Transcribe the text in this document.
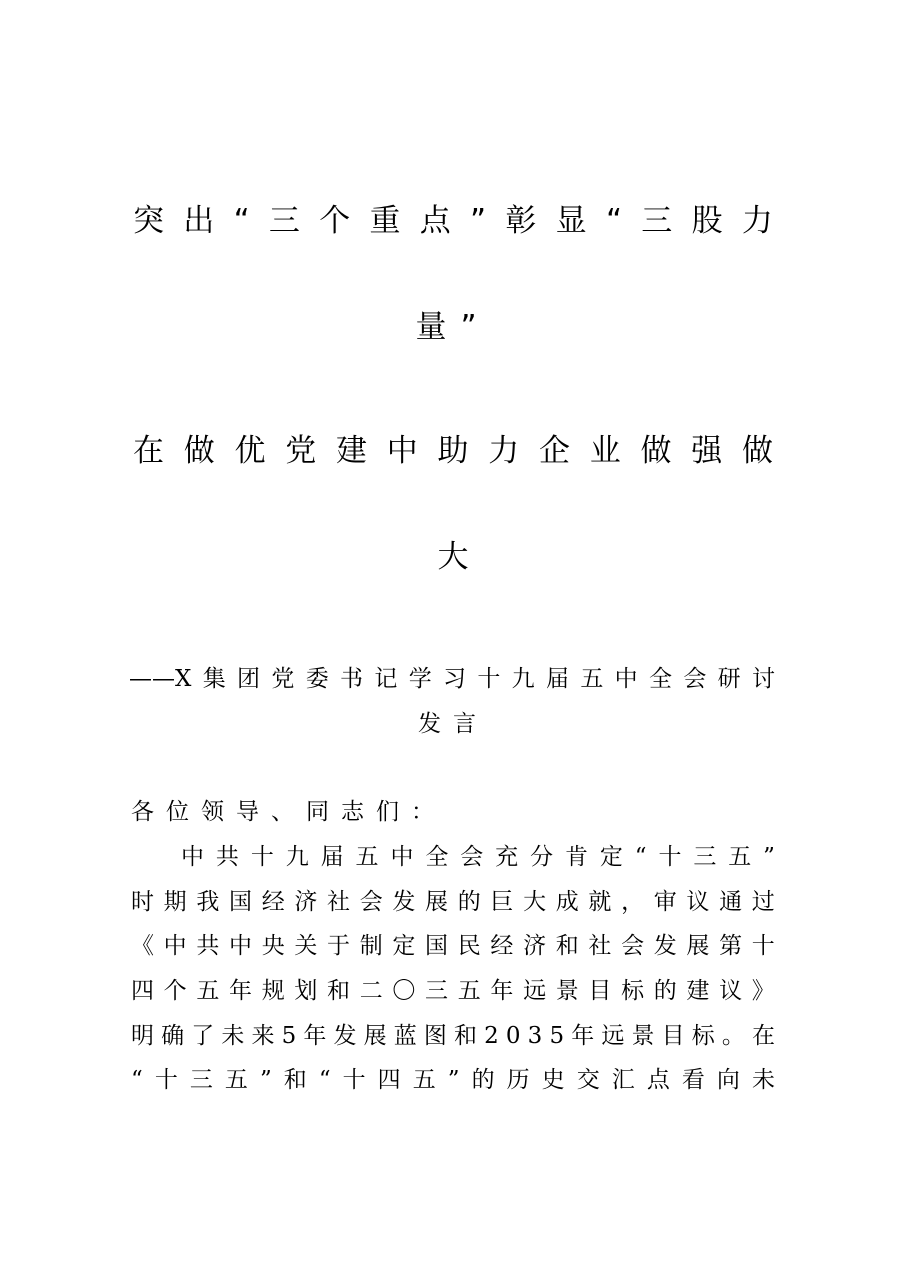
突 出 “ 三 个 重 点 ” 彰 显 “ 三 股 力
量”
在 做 优 党 建 中 助 力 企 业 做 强 做
大
——X集团党委书记学习十九届五中全会研讨
发言
各位领导、同志们：
中 共 十 九 届 五 中 全 会 充 分 肯 定 “ 十 三 五 ”
时 期 我 国 经 济 社 会 发 展 的 巨 大 成 就 ， 审 议 通 过
《 中 共 中 央 关 于 制 定 国 民 经 济 和 社 会 发 展 第 十
四 个 五 年 规 划 和 二 〇 三 五 年 远 景 目 标 的 建 议 》
明 确 了 未 来 5 年 发 展 蓝 图 和 2 0 3 5 年 远 景 目 标 。 在
“ 十 三 五 ” 和 “ 十 四 五 ” 的 历 史 交 汇 点 看 向 未
